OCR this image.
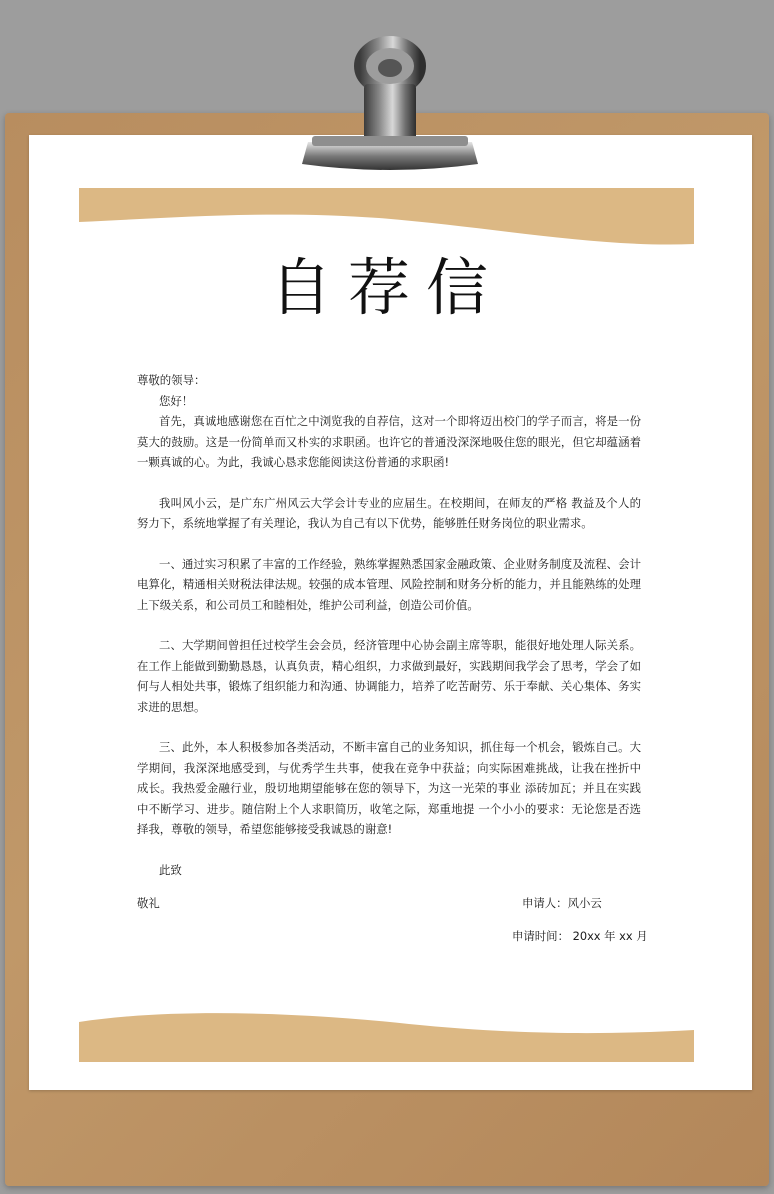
自荐信

尊敬的领导：

您好！

首先，真诚地感谢您在百忙之中浏览我的自荐信，这对一个即将迈出校门的学子而言，将是一份莫大的鼓励。这是一份简单而又朴实的求职函。也许它的普通没深深地吸住您的眼光，但它却蕴涵着一颗真诚的心。为此，我诚心恳求您能阅读这份普通的求职函!

我叫风小云，是广东广州风云大学会计专业的应届生。在校期间，在师友的严格 教益及个人的努力下，系统地掌握了有关理论，我认为自己有以下优势，能够胜任财务岗位的职业需求。

一、通过实习积累了丰富的工作经验，熟练掌握熟悉国家金融政策、企业财务制度及流程、会计电算化，精通相关财税法律法规。较强的成本管理、风险控制和财务分析的能力，并且能熟练的处理上下级关系，和公司员工和睦相处，维护公司利益，创造公司价值。

二、大学期间曾担任过校学生会会员，经济管理中心协会副主席等职，能很好地处理人际关系。在工作上能做到勤勤恳恳，认真负责，精心组织，力求做到最好，实践期间我学会了思考，学会了如何与人相处共事，锻炼了组织能力和沟通、协调能力，培养了吃苦耐劳、乐于奉献、关心集体、务实求进的思想。

三、此外，本人积极参加各类活动，不断丰富自己的业务知识，抓住每一个机会，锻炼自己。大学期间，我深深地感受到，与优秀学生共事，使我在竞争中获益；向实际困难挑战，让我在挫折中 成长。我热爱金融行业，殷切地期望能够在您的领导下，为这一光荣的事业 添砖加瓦；并且在实践中不断学习、进步。随信附上个人求职简历，收笔之际，郑重地提 一个小小的要求：无论您是否选择我，尊敬的领导，希望您能够接受我诚恳的谢意!

此致
敬礼	申请人：风小云
申请时间： 20xx 年 xx 月
